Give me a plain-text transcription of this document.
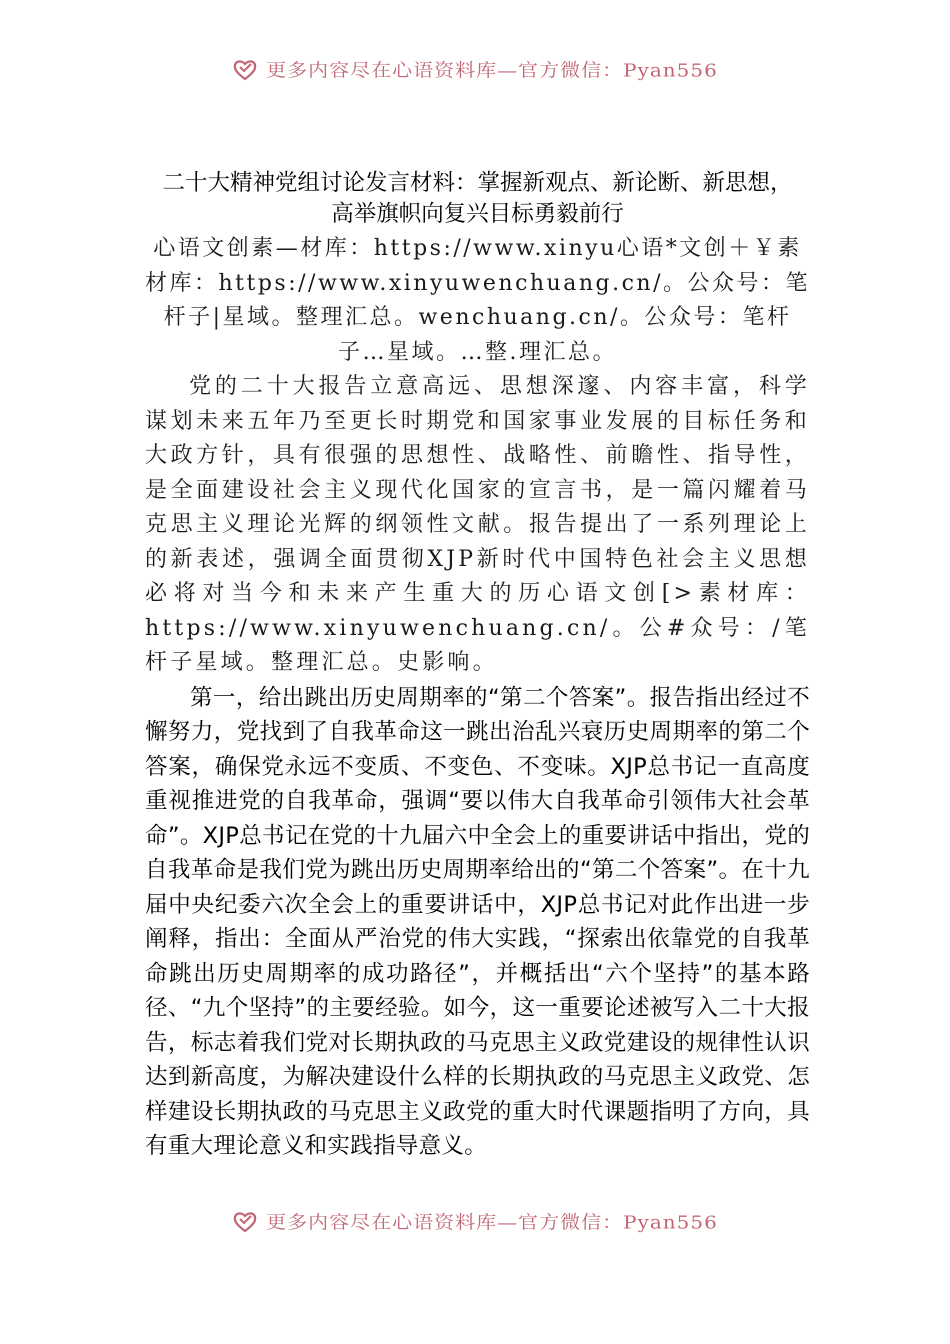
更多内容尽在心语资料库—官方微信：Pyan556
二十大精神党组讨论发言材料：掌握新观点、新论断、新思想，
高举旗帜向复兴目标勇毅前行

心语文创素—材库：https://www.xinyu心语*文创＋￥素材库：https://www.xinyuwenchuang.cn/。公众号：笔杆子|星域。整理汇总。wenchuang.cn/。公众号：笔杆子…星域。…整.理汇总。

党的二十大报告立意高远、思想深邃、内容丰富，科学谋划未来五年乃至更长时期党和国家事业发展的目标任务和大政方针，具有很强的思想性、战略性、前瞻性、指导性，是全面建设社会主义现代化国家的宣言书，是一篇闪耀着马克思主义理论光辉的纲领性文献。报告提出了一系列理论上的新表述，强调全面贯彻XJP新时代中国特色社会主义思想必将对当今和未来产生重大的历心语文创[>素材库：https://www.xinyuwenchuang.cn/。公#众号：/笔杆子星域。整理汇总。史影响。

第一，给出跳出历史周期率的“第二个答案”。报告指出经过不懈努力，党找到了自我革命这一跳出治乱兴衰历史周期率的第二个答案，确保党永远不变质、不变色、不变味。XJP总书记一直高度重视推进党的自我革命，强调“要以伟大自我革命引领伟大社会革命”。XJP总书记在党的十九届六中全会上的重要讲话中指出，党的自我革命是我们党为跳出历史周期率给出的“第二个答案”。在十九届中央纪委六次全会上的重要讲话中，XJP总书记对此作出进一步阐释，指出：全面从严治党的伟大实践，“探索出依靠党的自我革命跳出历史周期率的成功路径”，并概括出“六个坚持”的基本路径、“九个坚持”的主要经验。如今，这一重要论述被写入二十大报告，标志着我们党对长期执政的马克思主义政党建设的规律性认识达到新高度，为解决建设什么样的长期执政的马克思主义政党、怎样建设长期执政的马克思主义政党的重大时代课题指明了方向，具有重大理论意义和实践指导意义。

更多内容尽在心语资料库—官方微信：Pyan556
